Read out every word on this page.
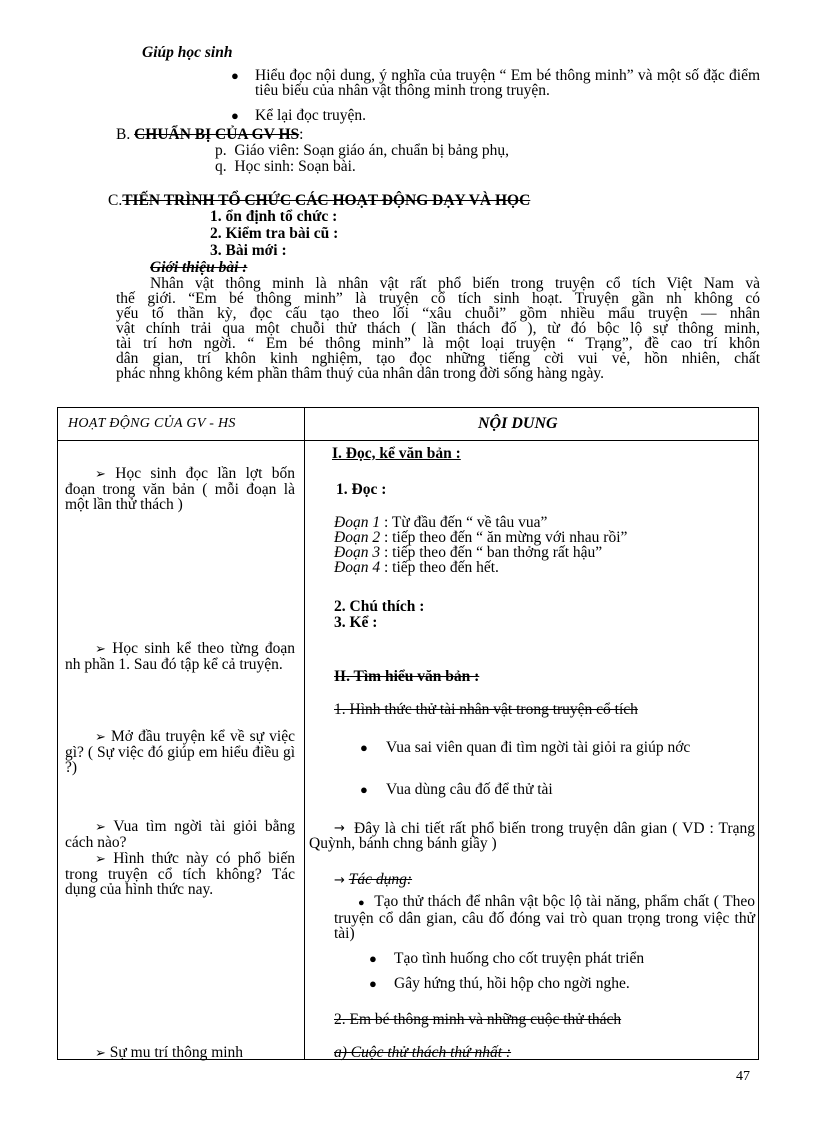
Giúp học sinh
● Hiểu đọc nội dung, ý nghĩa của truyện “ Em bé thông minh” và một số đặc điểm tiêu biểu của nhân vật thông minh trong truyện.
● Kể lại đọc truyện.
B. CHUẨN BỊ CỦA GV HS:
p. Giáo viên: Soạn giáo án, chuẩn bị bảng phụ,
q. Học sinh: Soạn bài.
C.TIẾN TRÌNH TỔ CHỨC CÁC HOẠT ĐỘNG DẠY VÀ HỌC
1. ổn định tổ chức :
2. Kiểm tra bài cũ :
3. Bài mới :
Giới thiệu bài :
Nhân vật thông minh là nhân vật rất phổ biến trong truyện cổ tích Việt Nam và
thế giới. “Em bé thông minh” là truyện cổ tích sinh hoạt. Truyện gần nh không có
yếu tố thần kỳ, đọc cấu tạo theo lối “xâu chuỗi” gồm nhiều mẩu truyện — nhân
vật chính trải qua một chuỗi thử thách ( lần thách đố ), từ đó bộc lộ sự thông minh,
tài trí hơn ngời. “ Em bé thông minh” là một loại truyện “ Trạng”, đề cao trí khôn
dân gian, trí khôn kinh nghiệm, tạo đọc những tiếng cời vui vẻ, hồn nhiên, chất
phác nhng không kém phần thâm thuý của nhân dân trong đời sống hàng ngày.
HOẠT ĐỘNG CỦA GV - HS	NỘI DUNG
➢ Học sinh đọc lần lợt bốn đoạn trong văn bản ( mỗi đoạn là một lần thử thách )
➢ Học sinh kể theo từng đoạn nh phần 1. Sau đó tập kể cả truyện.
➢ Mở đầu truyện kể về sự việc gì? ( Sự việc đó giúp em hiểu điều gì ?)
➢ Vua tìm ngời tài giỏi bằng cách nào?
➢ Hình thức này có phổ biến trong truyện cổ tích không? Tác dụng của hình thức nay.
➢ Sự mu trí thông minh
I. Đọc, kể văn bản :
1. Đọc :
Đoạn 1 : Từ đầu đến “ về tâu vua”
Đoạn 2 : tiếp theo đến “ ăn mừng với nhau rồi”
Đoạn 3 : tiếp theo đến “ ban thởng rất hậu”
Đoạn 4 : tiếp theo đến hết.
2. Chú thích :
3. Kể :
II. Tìm hiểu văn bản :
1. Hình thức thử tài nhân vật trong truyện cổ tích
● Vua sai viên quan đi tìm ngời tài giỏi ra giúp nớc
● Vua dùng câu đố để thử tài
→ Đây là chi tiết rất phổ biến trong truyện dân gian ( VD : Trạng Quỳnh, bánh chng bánh giầy )
→ Tác dụng:
● Tạo thử thách để nhân vật bộc lộ tài năng, phẩm chất ( Theo truyện cổ dân gian, câu đố đóng vai trò quan trọng trong việc thử tài)
● Tạo tình huống cho cốt truyện phát triển
● Gây hứng thú, hồi hộp cho ngời nghe.
2. Em bé thông minh và những cuộc thử thách
a) Cuộc thử thách thứ nhất :
47
